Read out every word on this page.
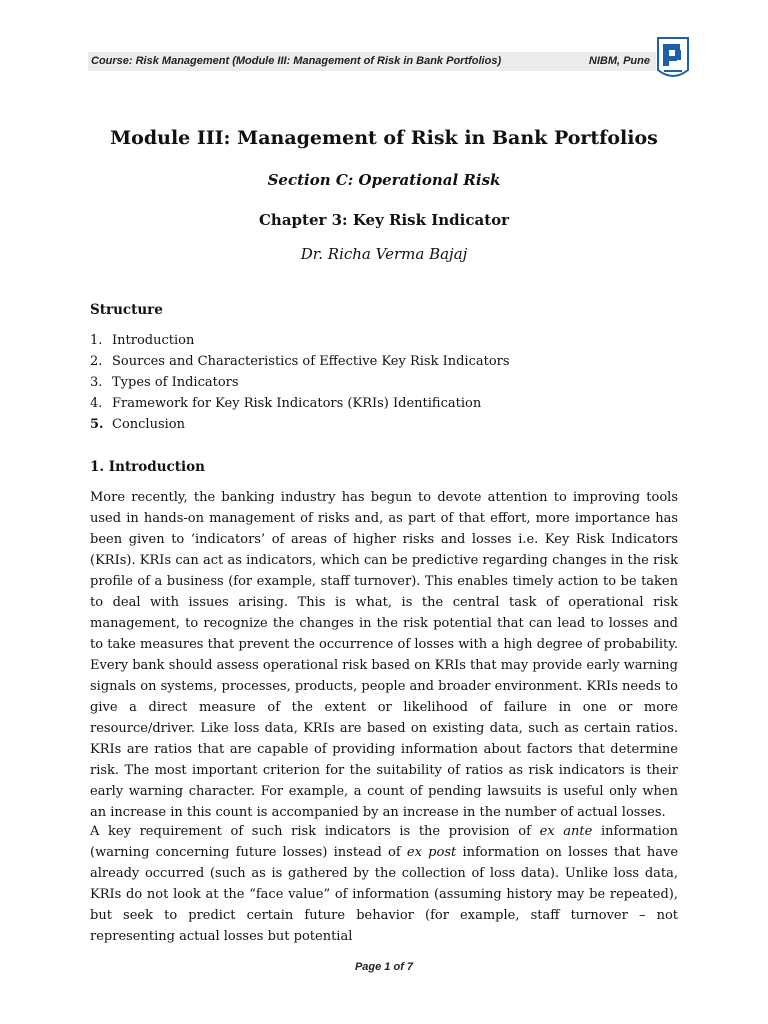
Course: Risk Management (Module III: Management of Risk in Bank Portfolios)	NIBM, Pune
Module III: Management of Risk in Bank Portfolios
Section C: Operational Risk
Chapter 3: Key Risk Indicator
Dr. Richa Verma Bajaj
Structure
1. Introduction
2. Sources and Characteristics of Effective Key Risk Indicators
3. Types of Indicators
4. Framework for Key Risk Indicators (KRIs) Identification
5. Conclusion
1. Introduction
More recently, the banking industry has begun to devote attention to improving tools used in hands-on management of risks and, as part of that effort, more importance has been given to ‘indicators’ of areas of higher risks and losses i.e. Key Risk Indicators (KRIs). KRIs can act as indicators, which can be predictive regarding changes in the risk profile of a business (for example, staff turnover). This enables timely action to be taken to deal with issues arising. This is what, is the central task of operational risk management, to recognize the changes in the risk potential that can lead to losses and to take measures that prevent the occurrence of losses with a high degree of probability. Every bank should assess operational risk based on KRIs that may provide early warning signals on systems, processes, products, people and broader environment. KRIs needs to give a direct measure of the extent or likelihood of failure in one or more resource/driver. Like loss data, KRIs are based on existing data, such as certain ratios. KRIs are ratios that are capable of providing information about factors that determine risk. The most important criterion for the suitability of ratios as risk indicators is their early warning character. For example, a count of pending lawsuits is useful only when an increase in this count is accompanied by an increase in the number of actual losses.
A key requirement of such risk indicators is the provision of ex ante information (warning concerning future losses) instead of ex post information on losses that have already occurred (such as is gathered by the collection of loss data). Unlike loss data, KRIs do not look at the “face value” of information (assuming history may be repeated), but seek to predict certain future behavior (for example, staff turnover – not representing actual losses but potential
Page 1 of 7
